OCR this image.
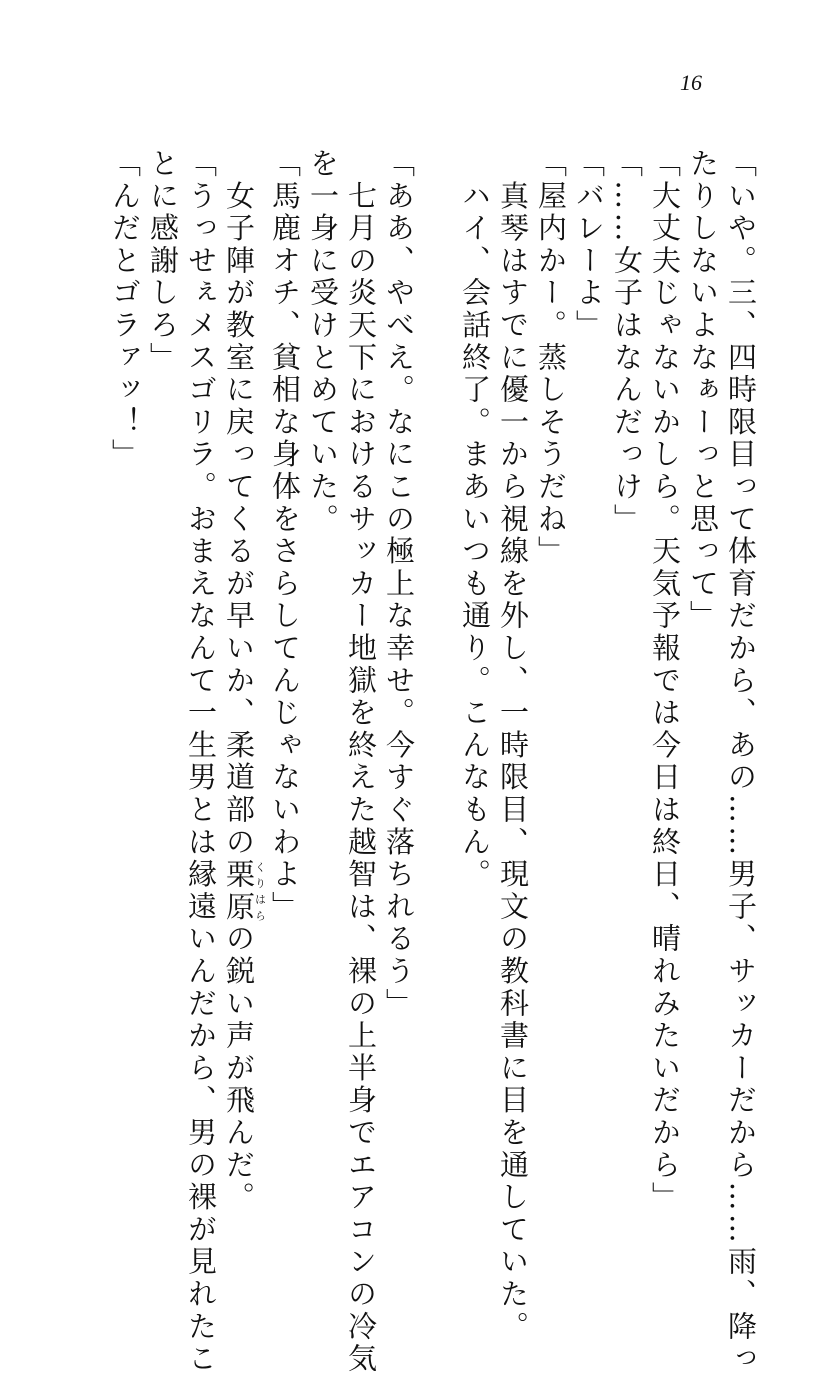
16
「いや。三、四時限目って体育だから、あの……男子、サッカーだから……雨、降っ
たりしないよなぁーっと思って」
「大丈夫じゃないかしら。天気予報では今日は終日、晴れみたいだから」
「……女子はなんだっけ」
「バレーよ」
「屋内かー。蒸しそうだね」
　真琴はすでに優一から視線を外し、一時限目、現文の教科書に目を通していた。
　ハイ、会話終了。まあいつも通り。こんなもん。
「ああ、やべえ。なにこの極上な幸せ。今すぐ落ちれるう」
　七月の炎天下におけるサッカー地獄を終えた越智は、裸の上半身でエアコンの冷気
を一身に受けとめていた。
「馬鹿オチ、貧相な身体をさらしてんじゃないわよ」
　女子陣が教室に戻ってくるが早いか、柔道部の栗原くりはらの鋭い声が飛んだ。
「うっせぇメスゴリラ。おまえなんて一生男とは縁遠いんだから、男の裸が見れたこ
とに感謝しろ」
「んだとゴラァッ！」
